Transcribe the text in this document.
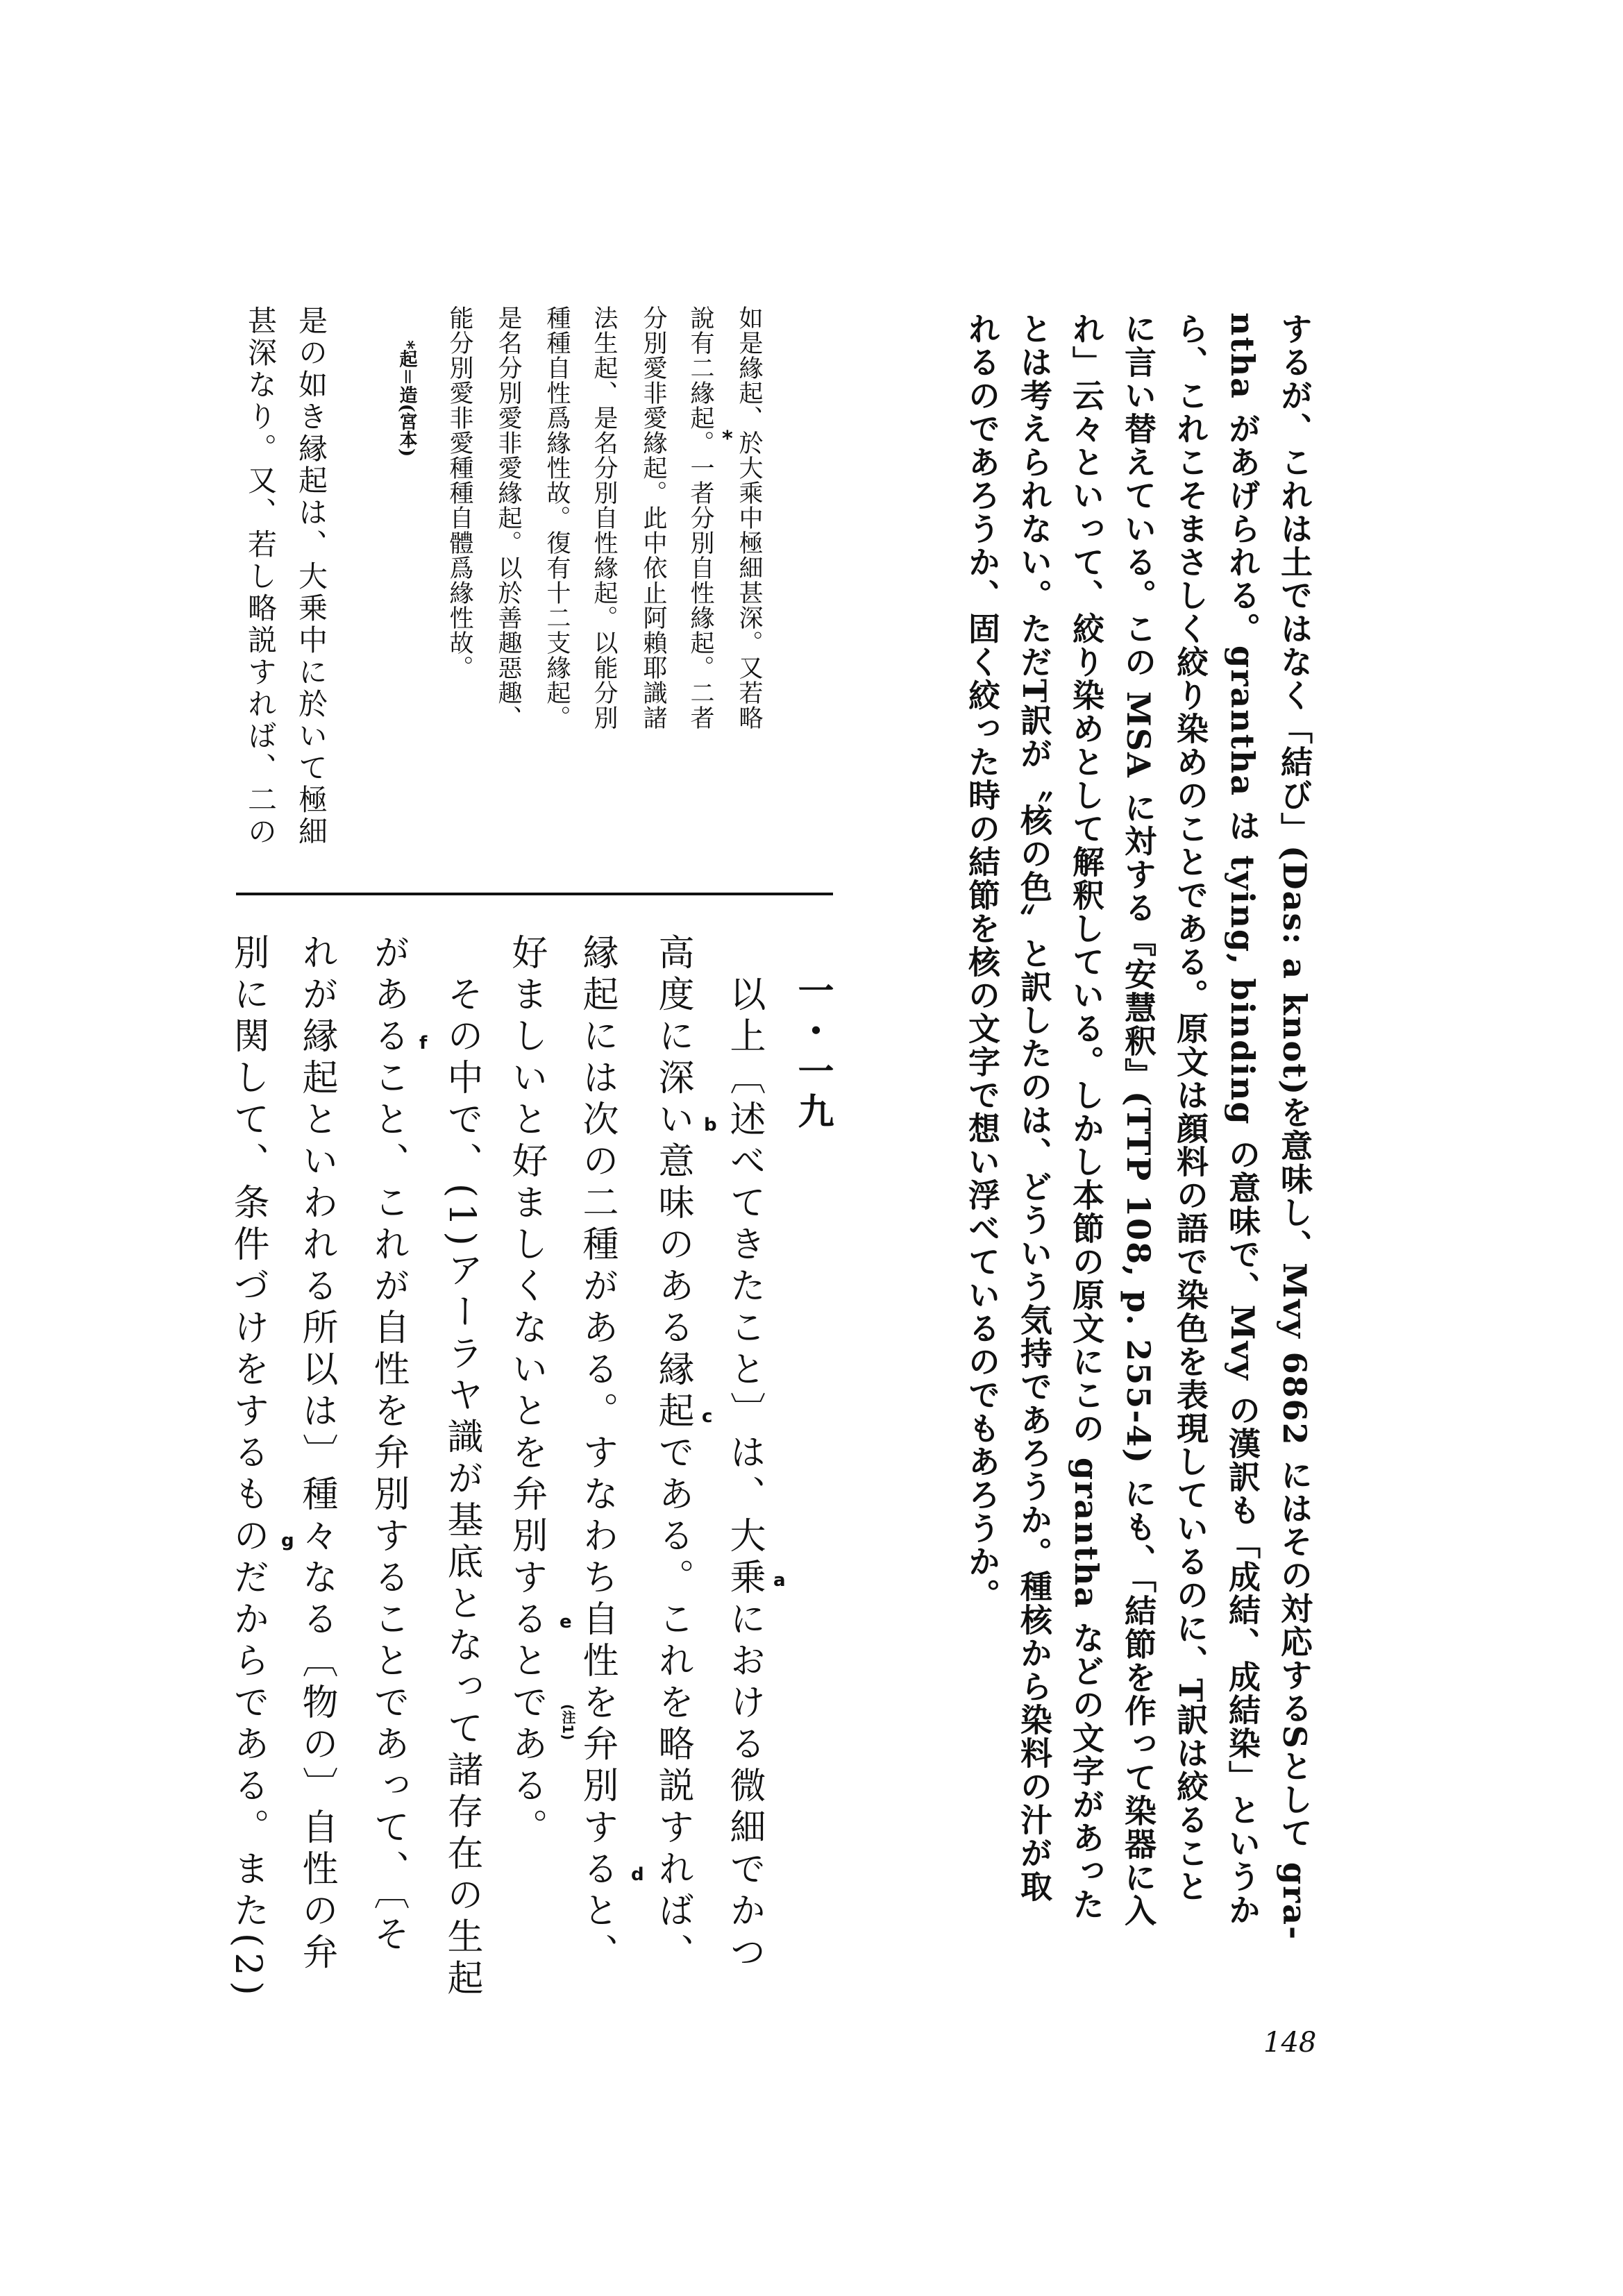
するが、これは土ではなく「結び」(Das: a knot)を意味し、Mvy 6862 にはその対応するSとして gra-
ntha があげられる。grantha は tying, binding の意味で、Mvy の漢訳も「成結、成結染」というか
ら、これこそまさしく絞り染めのことである。原文は顔料の語で染色を表現しているのに、T訳は絞ること
に言い替えている。この MSA に対する『安慧釈』(TTP 108, p. 255-4) にも、「結節を作って染器に入
れ」云々といって、絞り染めとして解釈している。しかし本節の原文にこの grantha などの文字があった
とは考えられない。ただT訳が〝核の色〟と訳したのは、どういう気持であろうか。種核から染料の汁が取
れるのであろうか、固く絞った時の結節を核の文字で想い浮べているのでもあろうか。
如是緣起、於大乘中極細甚深。又若略
說有二緣起。一者分別自性緣起。二者
分別愛非愛緣起。此中依止阿賴耶識諸
法生起、是名分別自性緣起。以能分別
種種自性爲緣性故。復有十二支緣起。
是名分別愛非愛緣起。以於善趣惡趣、
能分別愛非愛種種自體爲緣性故。	*
*起＝造(宮本)
是の如き縁起は、大乗中に於いて極細
甚深なり。又、若し略説すれば、二の
一・一九
　以上〔述べてきたこと〕は、大乗における微細でかつ
高度に深い意味のある縁起である。これを略説すれば、
縁起には次の二種がある。すなわち自性を弁別すると、
好ましいと好ましくないとを弁別するとである。
　その中で、(1)アーラヤ識が基底となって諸存在の生起
があること、これが自性を弁別することであって、〔そ
れが縁起といわれる所以は〕種々なる〔物の〕自性の弁
別に関して、条件づけをするものだからである。また(2)	a
b
c
d
e
f
g
(注1)
148
